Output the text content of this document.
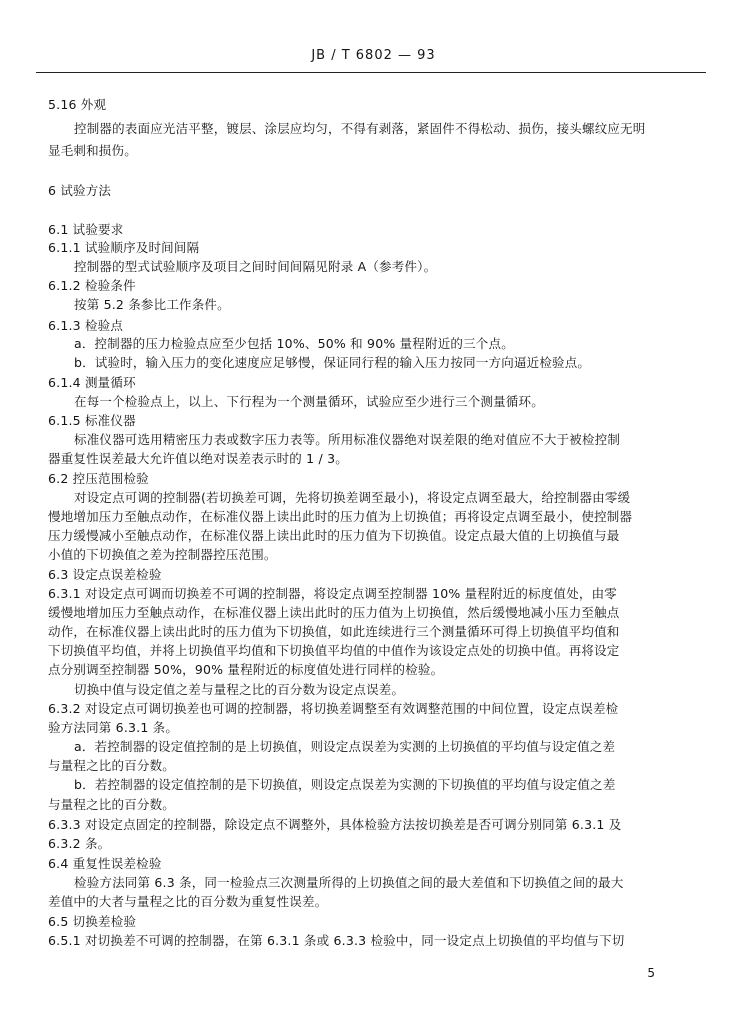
JB / T 6802 — 93
5.16 外观
控制器的表面应光洁平整，镀层、涂层应均匀，不得有剥落，紧固件不得松动、损伤，接头螺纹应无明
显毛刺和损伤。
6 试验方法
6.1 试验要求
6.1.1 试验顺序及时间间隔
控制器的型式试验顺序及项目之间时间间隔见附录 A（参考件）。
6.1.2 检验条件
按第 5.2 条参比工作条件。
6.1.3 检验点
a．控制器的压力检验点应至少包括 10%、50% 和 90% 量程附近的三个点。
b．试验时，输入压力的变化速度应足够慢，保证同行程的输入压力按同一方向逼近检验点。
6.1.4 测量循环
在每一个检验点上，以上、下行程为一个测量循环，试验应至少进行三个测量循环。
6.1.5 标准仪器
标准仪器可选用精密压力表或数字压力表等。所用标准仪器绝对误差限的绝对值应不大于被检控制
器重复性误差最大允许值以绝对误差表示时的 1 / 3。
6.2 控压范围检验
对设定点可调的控制器(若切换差可调，先将切换差调至最小)，将设定点调至最大，给控制器由零缓
慢地增加压力至触点动作，在标准仪器上读出此时的压力值为上切换值；再将设定点调至最小，使控制器
压力缓慢减小至触点动作，在标准仪器上读出此时的压力值为下切换值。设定点最大值的上切换值与最
小值的下切换值之差为控制器控压范围。
6.3 设定点误差检验
6.3.1 对设定点可调而切换差不可调的控制器，将设定点调至控制器 10% 量程附近的标度值处，由零
缓慢地增加压力至触点动作，在标准仪器上读出此时的压力值为上切换值，然后缓慢地减小压力至触点
动作，在标准仪器上读出此时的压力值为下切换值，如此连续进行三个测量循环可得上切换值平均值和
下切换值平均值，并将上切换值平均值和下切换值平均值的中值作为该设定点处的切换中值。再将设定
点分别调至控制器 50%，90% 量程附近的标度值处进行同样的检验。
切换中值与设定值之差与量程之比的百分数为设定点误差。
6.3.2 对设定点可调切换差也可调的控制器，将切换差调整至有效调整范围的中间位置，设定点误差检
验方法同第 6.3.1 条。
a．若控制器的设定值控制的是上切换值，则设定点误差为实测的上切换值的平均值与设定值之差
与量程之比的百分数。
b．若控制器的设定值控制的是下切换值，则设定点误差为实测的下切换值的平均值与设定值之差
与量程之比的百分数。
6.3.3 对设定点固定的控制器，除设定点不调整外，具体检验方法按切换差是否可调分别同第 6.3.1 及
6.3.2 条。
6.4 重复性误差检验
检验方法同第 6.3 条，同一检验点三次测量所得的上切换值之间的最大差值和下切换值之间的最大
差值中的大者与量程之比的百分数为重复性误差。
6.5 切换差检验
6.5.1 对切换差不可调的控制器，在第 6.3.1 条或 6.3.3 检验中，同一设定点上切换值的平均值与下切
5
